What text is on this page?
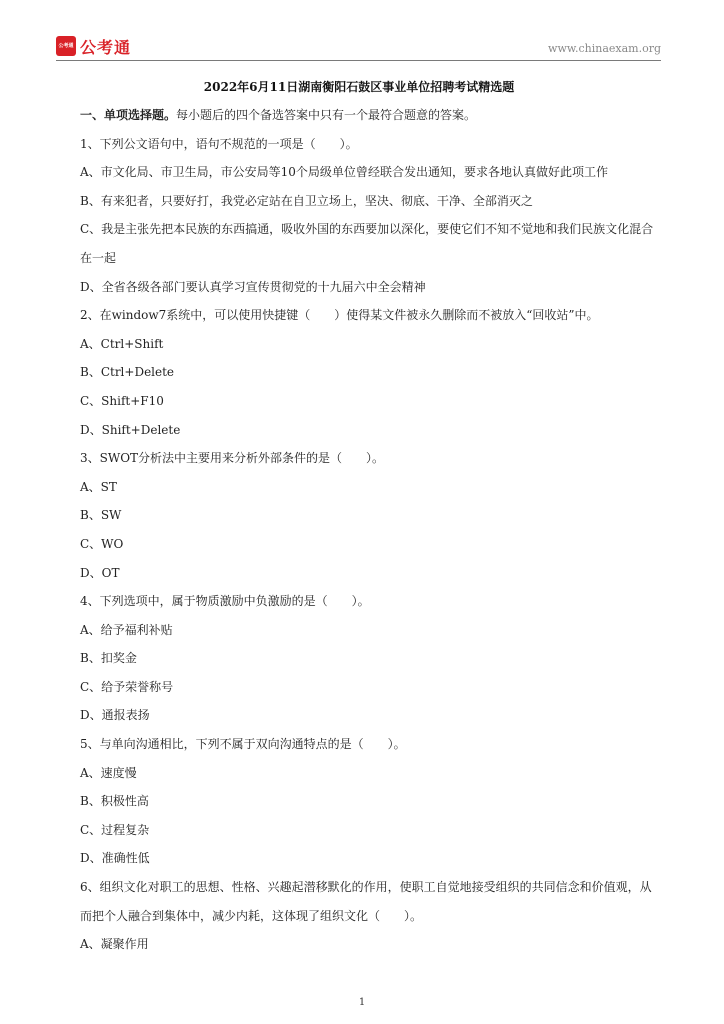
公考通 公考通	www.chinaexam.org

2022年6月11日湖南衡阳石鼓区事业单位招聘考试精选题

一、单项选择题。每小题后的四个备选答案中只有一个最符合题意的答案。

1、下列公文语句中，语句不规范的一项是（　　）。

A、市文化局、市卫生局，市公安局等10个局级单位曾经联合发出通知，要求各地认真做好此项工作

B、有来犯者，只要好打，我党必定站在自卫立场上，坚决、彻底、干净、全部消灭之

C、我是主张先把本民族的东西搞通，吸收外国的东西要加以深化，要使它们不知不觉地和我们民族文化混合在一起

D、全省各级各部门要认真学习宣传贯彻党的十九届六中全会精神

2、在window7系统中，可以使用快捷键（　　）使得某文件被永久删除而不被放入“回收站”中。

A、Ctrl+Shift

B、Ctrl+Delete

C、Shift+F10

D、Shift+Delete

3、SWOT分析法中主要用来分析外部条件的是（　　）。

A、ST

B、SW

C、WO

D、OT

4、下列选项中，属于物质激励中负激励的是（　　）。

A、给予福利补贴

B、扣奖金

C、给予荣誉称号

D、通报表扬

5、与单向沟通相比，下列不属于双向沟通特点的是（　　）。

A、速度慢

B、积极性高

C、过程复杂

D、准确性低

6、组织文化对职工的思想、性格、兴趣起潜移默化的作用，使职工自觉地接受组织的共同信念和价值观，从而把个人融合到集体中，减少内耗，这体现了组织文化（　　）。

A、凝聚作用

1
